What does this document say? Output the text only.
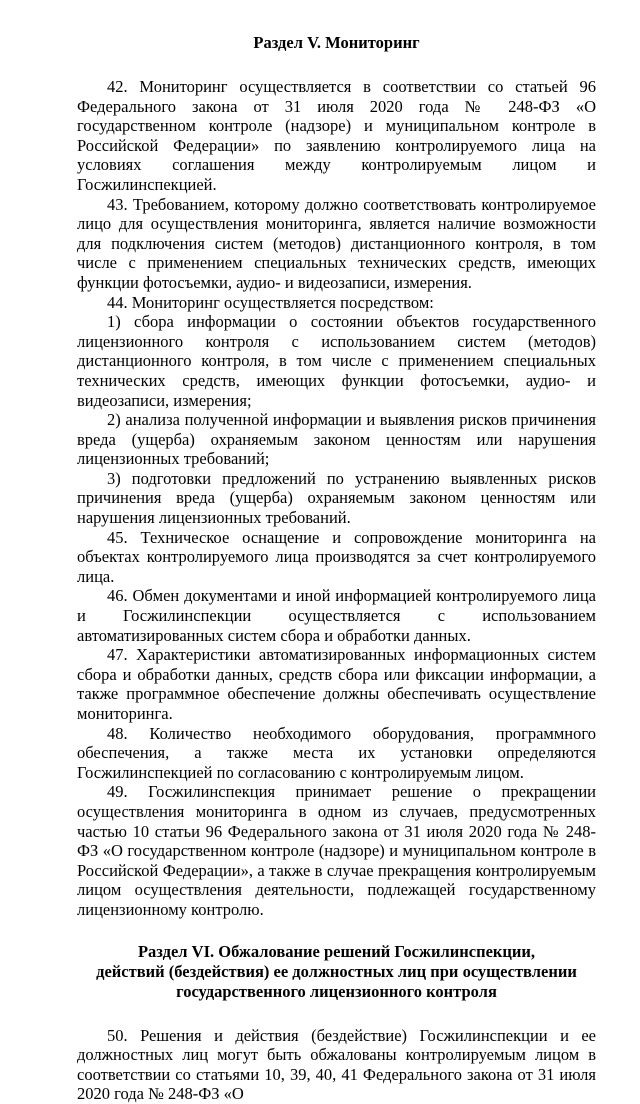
Раздел V. Мониторинг

42. Мониторинг осуществляется в соответствии со статьей 96 Федерального закона от 31 июля 2020 года № 248-ФЗ «О государственном контроле (надзоре) и муниципальном контроле в Российской Федерации» по заявлению контролируемого лица на условиях соглашения между контролируемым лицом и Госжилинспекцией.

43. Требованием, которому должно соответствовать контролируемое лицо для осуществления мониторинга, является наличие возможности для подключения систем (методов) дистанционного контроля, в том числе с применением специальных технических средств, имеющих функции фотосъемки, аудио- и видеозаписи, измерения.

44. Мониторинг осуществляется посредством:

1) сбора информации о состоянии объектов государственного лицензионного контроля с использованием систем (методов) дистанционного контроля, в том числе с применением специальных технических средств, имеющих функции фотосъемки, аудио- и видеозаписи, измерения;

2) анализа полученной информации и выявления рисков причинения вреда (ущерба) охраняемым законом ценностям или нарушения лицензионных требований;

3) подготовки предложений по устранению выявленных рисков причинения вреда (ущерба) охраняемым законом ценностям или нарушения лицензионных требований.

45. Техническое оснащение и сопровождение мониторинга на объектах контролируемого лица производятся за счет контролируемого лица.

46. Обмен документами и иной информацией контролируемого лица и Госжилинспекции осуществляется с использованием автоматизированных систем сбора и обработки данных.

47. Характеристики автоматизированных информационных систем сбора и обработки данных, средств сбора или фиксации информации, а также программное обеспечение должны обеспечивать осуществление мониторинга.

48. Количество необходимого оборудования, программного обеспечения, а также места их установки определяются Госжилинспекцией по согласованию с контролируемым лицом.

49. Госжилинспекция принимает решение о прекращении осуществления мониторинга в одном из случаев, предусмотренных частью 10 статьи 96 Федерального закона от 31 июля 2020 года № 248-ФЗ «О государственном контроле (надзоре) и муниципальном контроле в Российской Федерации», а также в случае прекращения контролируемым лицом осуществления деятельности, подлежащей государственному лицензионному контролю.

Раздел VI. Обжалование решений Госжилинспекции,
действий (бездействия) ее должностных лиц при осуществлении
государственного лицензионного контроля

50. Решения и действия (бездействие) Госжилинспекции и ее должностных лиц могут быть обжалованы контролируемым лицом в соответствии со статьями 10, 39, 40, 41 Федерального закона от 31 июля 2020 года № 248-ФЗ «О
